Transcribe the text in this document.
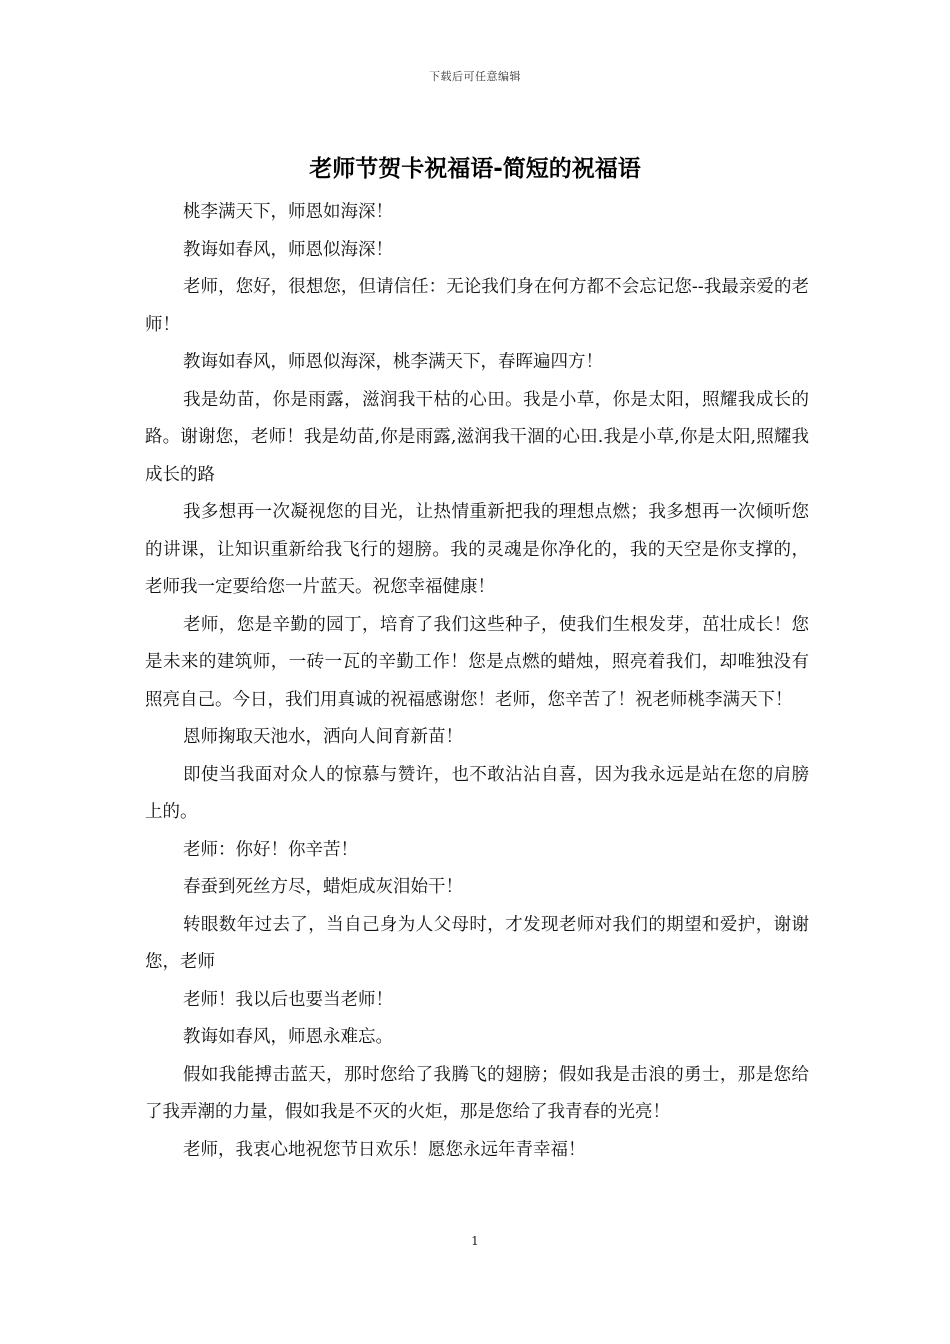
下载后可任意编辑
老师节贺卡祝福语-简短的祝福语

桃李满天下，师恩如海深！

教诲如春风，师恩似海深！

老师，您好，很想您，但请信任：无论我们身在何方都不会忘记您--我最亲爱的老师！

教诲如春风，师恩似海深，桃李满天下，春晖遍四方！

我是幼苗，你是雨露，滋润我干枯的心田。我是小草，你是太阳，照耀我成长的路。谢谢您，老师！我是幼苗,你是雨露,滋润我干涸的心田.我是小草,你是太阳,照耀我成长的路

我多想再一次凝视您的目光，让热情重新把我的理想点燃；我多想再一次倾听您的讲课，让知识重新给我飞行的翅膀。我的灵魂是你净化的，我的天空是你支撑的，老师我一定要给您一片蓝天。祝您幸福健康！

老师，您是辛勤的园丁，培育了我们这些种子，使我们生根发芽，茁壮成长！您是未来的建筑师，一砖一瓦的辛勤工作！您是点燃的蜡烛，照亮着我们，却唯独没有照亮自己。今日，我们用真诚的祝福感谢您！老师，您辛苦了！祝老师桃李满天下！

恩师掬取天池水，洒向人间育新苗！

即使当我面对众人的惊慕与赞许，也不敢沾沾自喜，因为我永远是站在您的肩膀上的。

老师：你好！你辛苦！

春蚕到死丝方尽，蜡炬成灰泪始干！

转眼数年过去了，当自己身为人父母时，才发现老师对我们的期望和爱护，谢谢您，老师

老师！我以后也要当老师！

教诲如春风，师恩永难忘。

假如我能搏击蓝天，那时您给了我腾飞的翅膀；假如我是击浪的勇士，那是您给了我弄潮的力量，假如我是不灭的火炬，那是您给了我青春的光亮！

老师，我衷心地祝您节日欢乐！愿您永远年青幸福！

1
